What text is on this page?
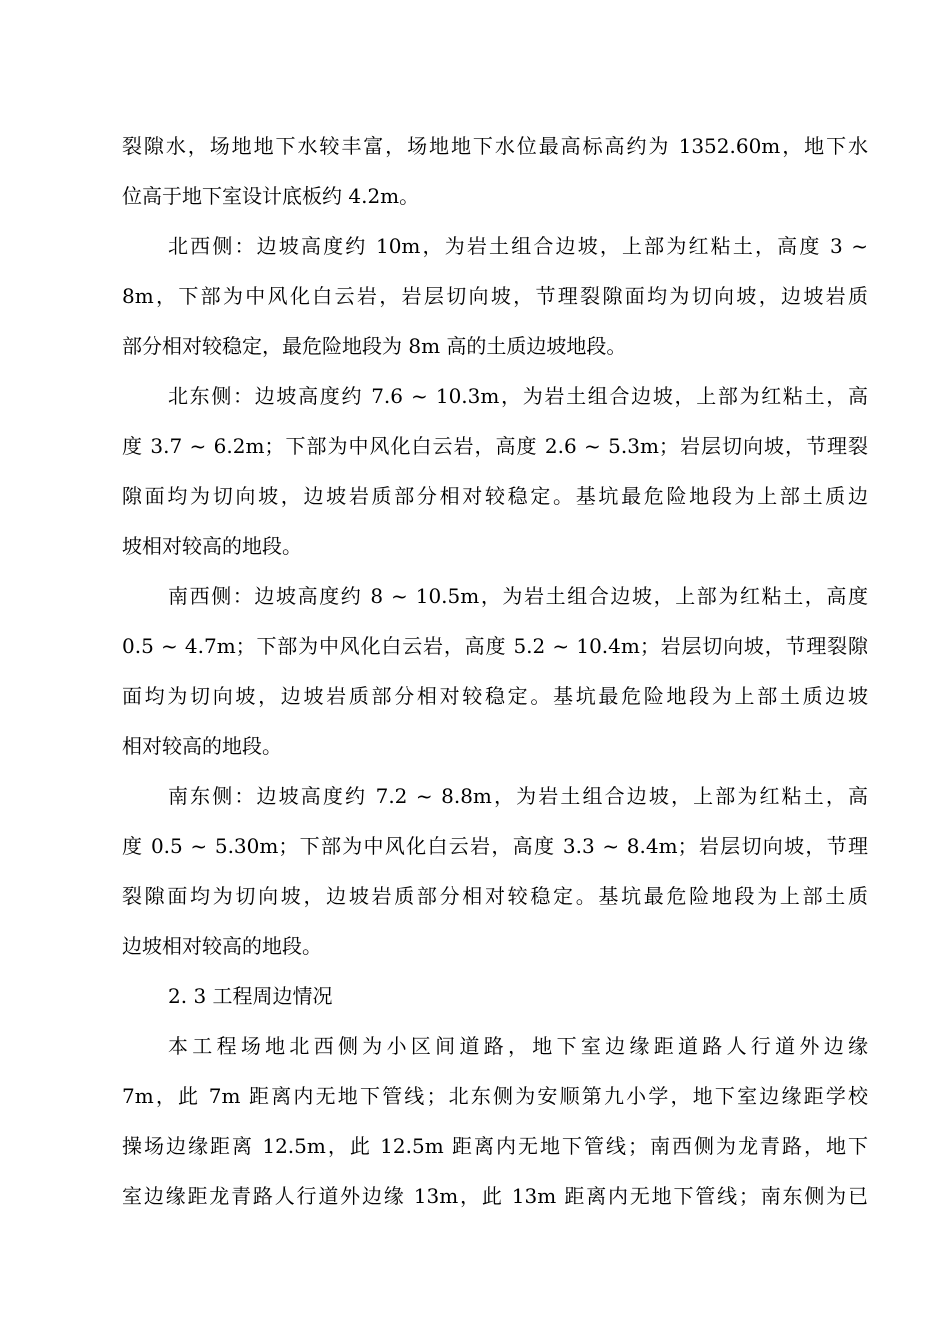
裂隙水，场地地下水较丰富，场地地下水位最高标高约为 1352.60m，地下水
位高于地下室设计底板约 4.2m。
北西侧：边坡高度约 10m，为岩土组合边坡，上部为红粘土，高度 3 ~
8m，下部为中风化白云岩，岩层切向坡，节理裂隙面均为切向坡，边坡岩质
部分相对较稳定，最危险地段为 8m 高的土质边坡地段。
北东侧：边坡高度约 7.6 ~ 10.3m，为岩土组合边坡，上部为红粘土，高
度 3.7 ~ 6.2m；下部为中风化白云岩，高度 2.6 ~ 5.3m；岩层切向坡，节理裂
隙面均为切向坡，边坡岩质部分相对较稳定。基坑最危险地段为上部土质边
坡相对较高的地段。
南西侧：边坡高度约 8 ~ 10.5m，为岩土组合边坡，上部为红粘土，高度
0.5 ~ 4.7m；下部为中风化白云岩，高度 5.2 ~ 10.4m；岩层切向坡，节理裂隙
面均为切向坡，边坡岩质部分相对较稳定。基坑最危险地段为上部土质边坡
相对较高的地段。
南东侧：边坡高度约 7.2 ~ 8.8m，为岩土组合边坡，上部为红粘土，高
度 0.5 ~ 5.30m；下部为中风化白云岩，高度 3.3 ~ 8.4m；岩层切向坡，节理
裂隙面均为切向坡，边坡岩质部分相对较稳定。基坑最危险地段为上部土质
边坡相对较高的地段。
2. 3 工程周边情况
本工程场地北西侧为小区间道路，地下室边缘距道路人行道外边缘
7m，此 7m 距离内无地下管线；北东侧为安顺第九小学，地下室边缘距学校
操场边缘距离 12.5m，此 12.5m 距离内无地下管线；南西侧为龙青路，地下
室边缘距龙青路人行道外边缘 13m，此 13m 距离内无地下管线；南东侧为已
